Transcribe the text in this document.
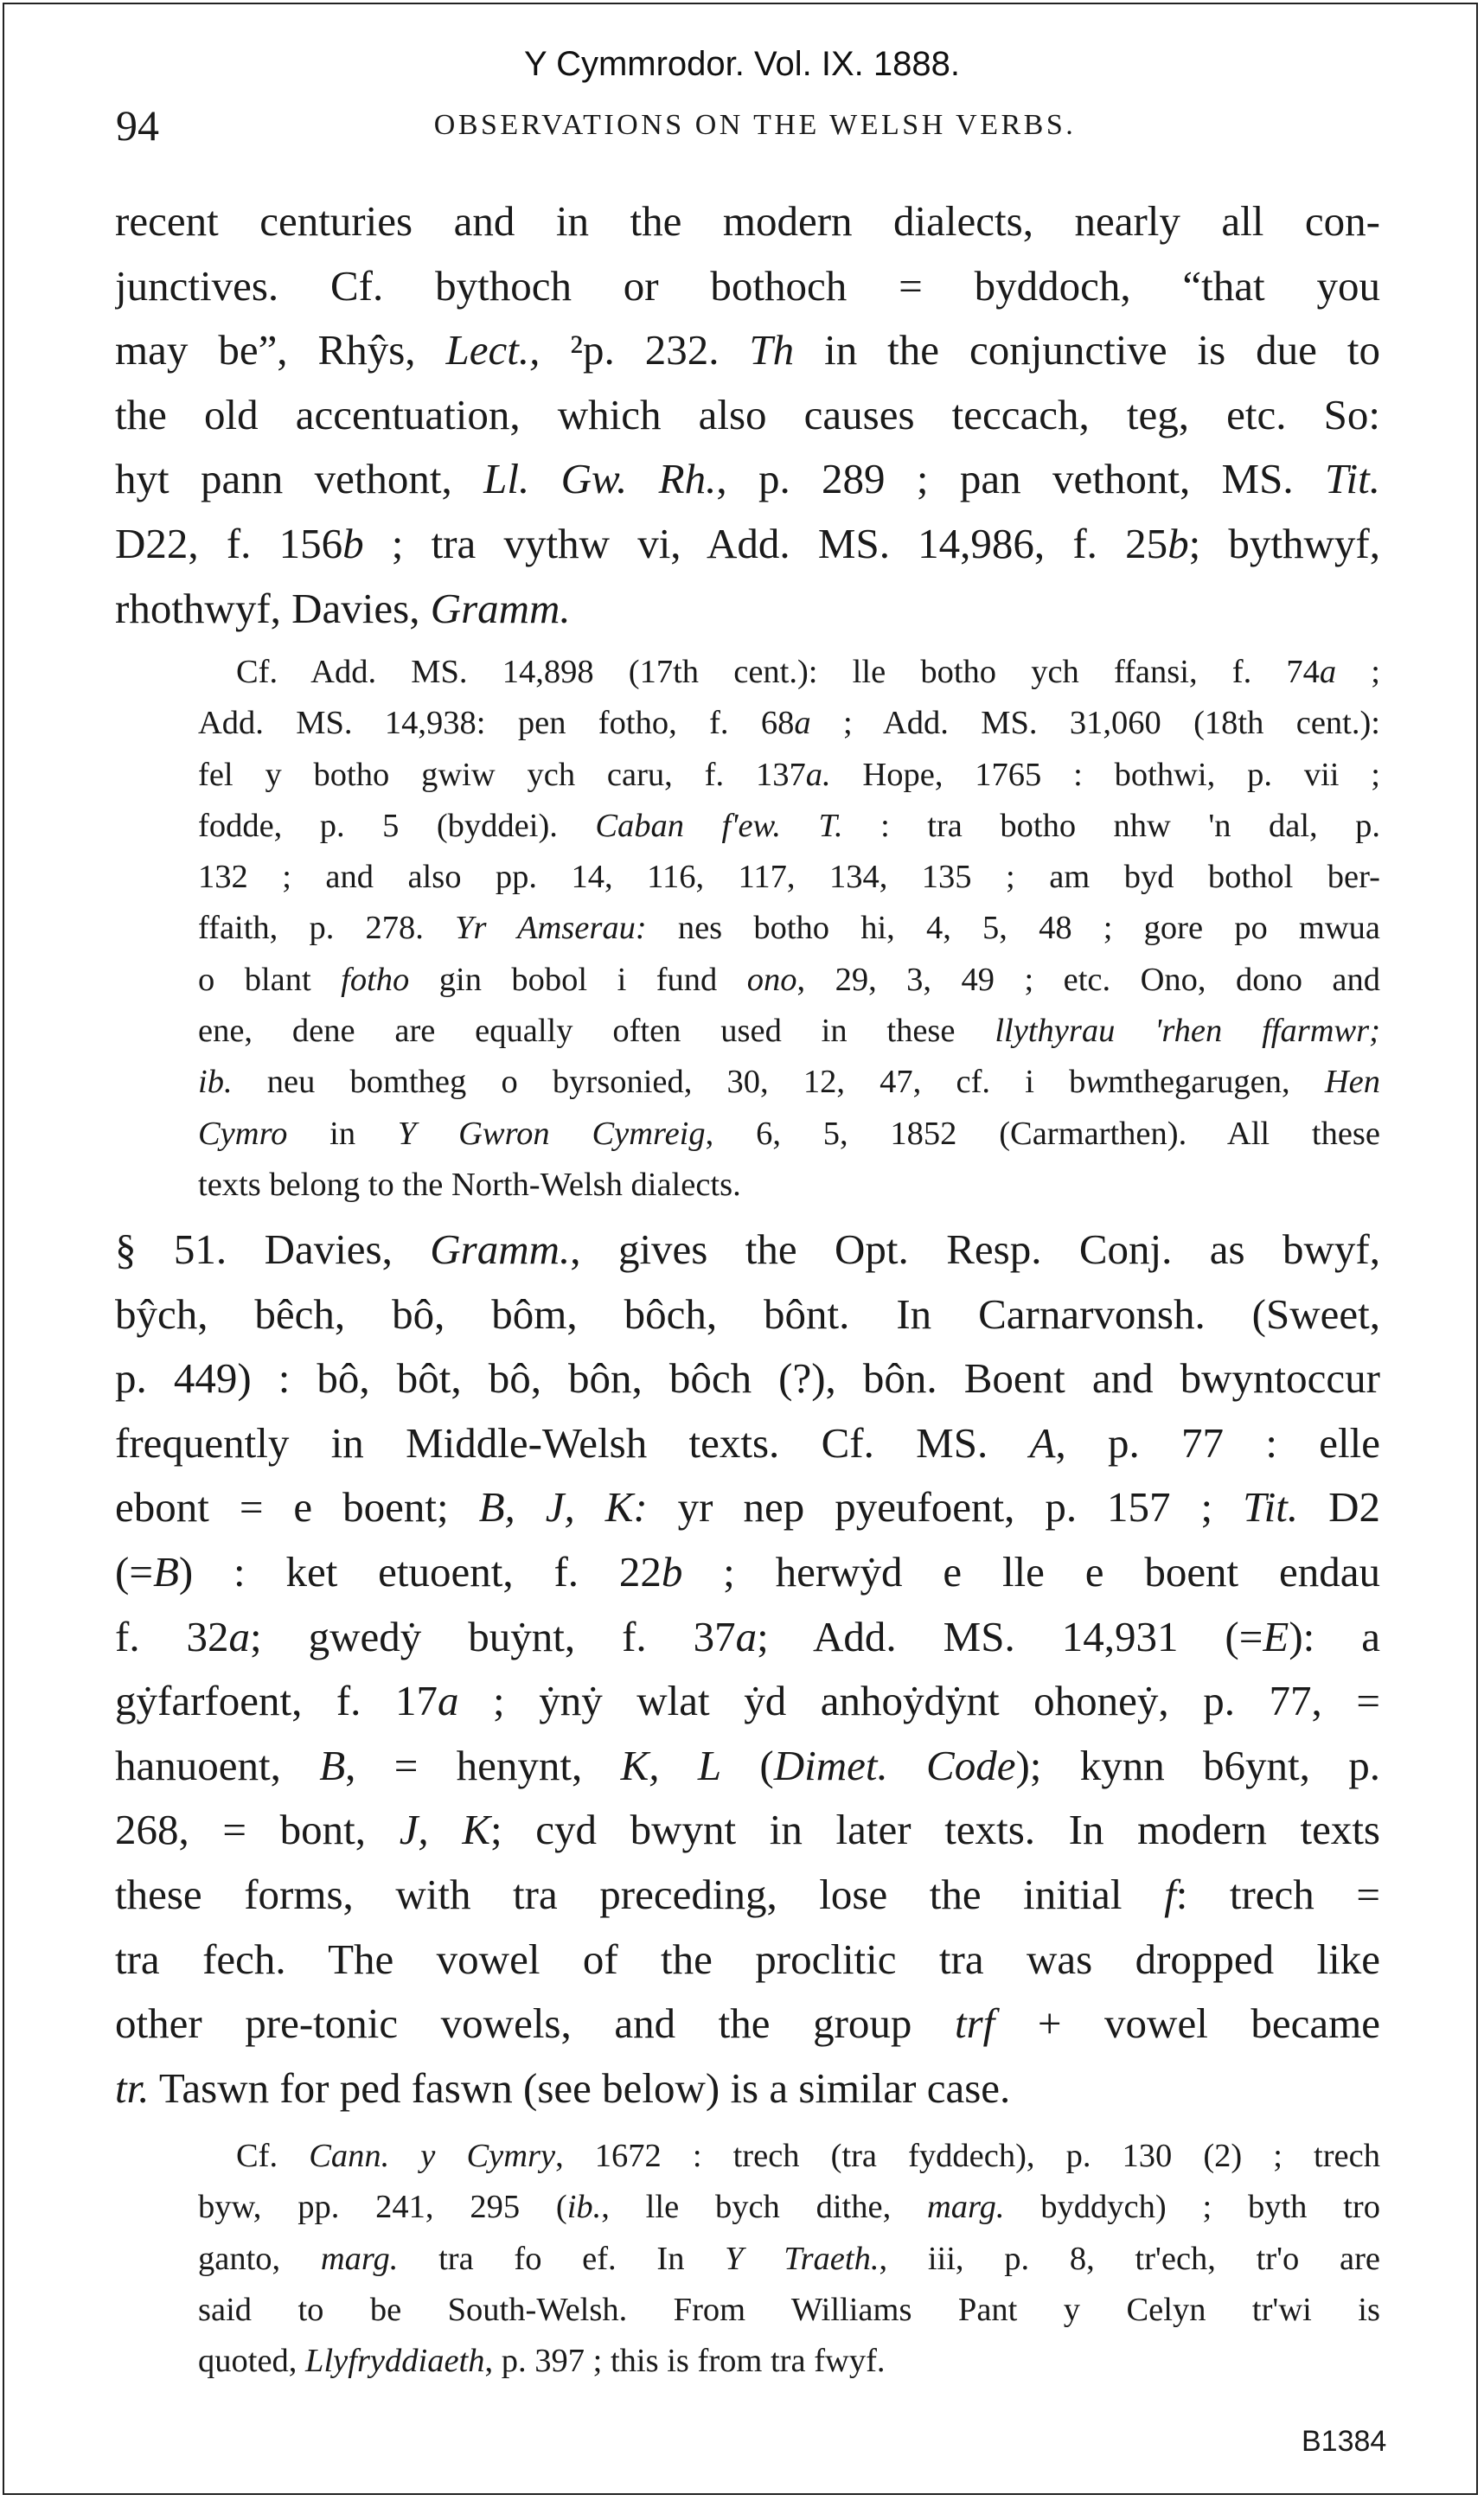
Y Cymmrodor. Vol. IX. 1888.
94	OBSERVATIONS ON THE WELSH VERBS.
recent centuries and in the modern dialects, nearly all con-
junctives. Cf. bythoch or bothoch = byddoch, “that you
may be”, Rhŷs, Lect., ²p. 232. Th in the conjunctive is due to
the old accentuation, which also causes teccach, teg, etc. So:
hyt pann vethont, Ll. Gw. Rh., p. 289 ; pan vethont, MS. Tit.
D22, f. 156b ; tra vythw vi, Add. MS. 14,986, f. 25b; bythwyf,
rhothwyf, Davies, Gramm.
Cf. Add. MS. 14,898 (17th cent.): lle botho ych ffansi, f. 74a ;
Add. MS. 14,938: pen fotho, f. 68a ; Add. MS. 31,060 (18th cent.):
fel y botho gwiw ych caru, f. 137a. Hope, 1765 : bothwi, p. vii ;
fodde, p. 5 (byddei). Caban f'ew. T. : tra botho nhw 'n dal, p.
132 ; and also pp. 14, 116, 117, 134, 135 ; am byd bothol ber-
ffaith, p. 278. Yr Amserau: nes botho hi, 4, 5, 48 ; gore po mwua
o blant fotho gin bobol i fund ono, 29, 3, 49 ; etc. Ono, dono and
ene, dene are equally often used in these llythyrau 'rhen ffarmwr;
ib. neu bomtheg o byrsonied, 30, 12, 47, cf. i bwmthegarugen, Hen
Cymro in Y Gwron Cymreig, 6, 5, 1852 (Carmarthen). All these
texts belong to the North-Welsh dialects.
§ 51. Davies, Gramm., gives the Opt. Resp. Conj. as bwyf,
bŷch, bêch, bô, bôm, bôch, bônt. In Carnarvonsh. (Sweet,
p. 449) : bô, bôt, bô, bôn, bôch (?), bôn. Boent and bwyntoccur
frequently in Middle-Welsh texts. Cf. MS. A, p. 77 : elle
ebont = e boent; B, J, K: yr nep pyeufoent, p. 157 ; Tit. D2
(=B) : ket etuoent, f. 22b ; herwẏd e lle e boent endau
f. 32a; gwedẏ buẏnt, f. 37a; Add. MS. 14,931 (=E): a
gẏfarfoent, f. 17a ; ẏnẏ wlat ẏd anhoẏdẏnt ohoneẏ, p. 77, =
hanuoent, B, = henynt, K, L (Dimet. Code); kynn b6ynt, p.
268, = bont, J, K; cyd bwynt in later texts. In modern texts
these forms, with tra preceding, lose the initial f: trech =
tra fech. The vowel of the proclitic tra was dropped like
other pre-tonic vowels, and the group trf + vowel became
tr. Taswn for ped faswn (see below) is a similar case.
Cf. Cann. y Cymry, 1672 : trech (tra fyddech), p. 130 (2) ; trech
byw, pp. 241, 295 (ib., lle bych dithe, marg. byddych) ; byth tro
ganto, marg. tra fo ef. In Y Traeth., iii, p. 8, tr'ech, tr'o are
said to be South-Welsh. From Williams Pant y Celyn tr'wi is
quoted, Llyfryddiaeth, p. 397 ; this is from tra fwyf.
B1384
